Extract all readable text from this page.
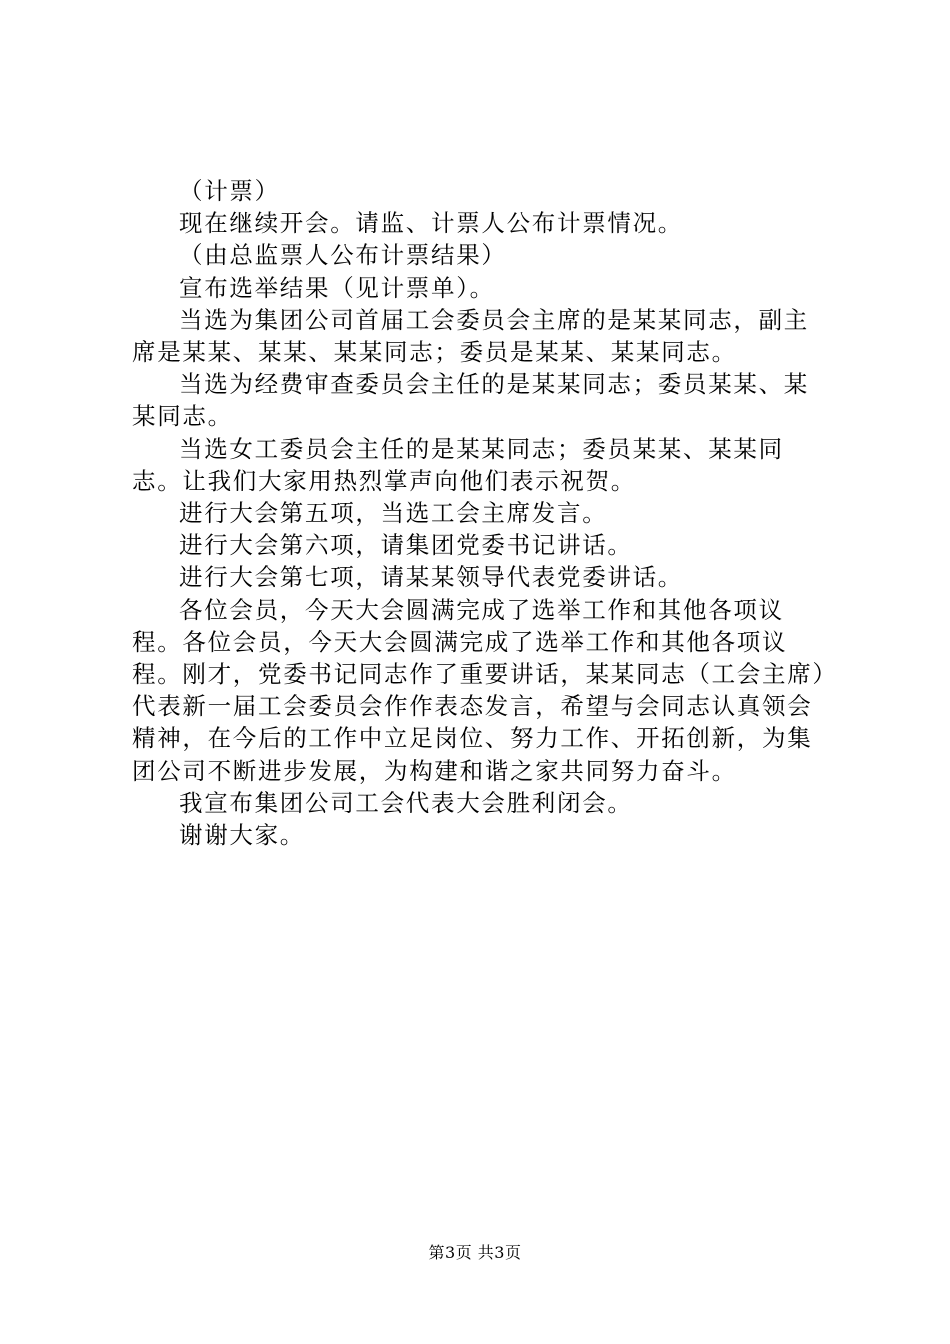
（计票）

现在继续开会。请监、计票人公布计票情况。

（由总监票人公布计票结果）

宣布选举结果（见计票单）。

当选为集团公司首届工会委员会主席的是某某同志，副主席是某某、某某、某某同志；委员是某某、某某同志。

当选为经费审查委员会主任的是某某同志；委员某某、某某同志。

当选女工委员会主任的是某某同志；委员某某、某某同志。让我们大家用热烈掌声向他们表示祝贺。

进行大会第五项，当选工会主席发言。

进行大会第六项，请集团党委书记讲话。

进行大会第七项，请某某领导代表党委讲话。

各位会员，今天大会圆满完成了选举工作和其他各项议程。各位会员，今天大会圆满完成了选举工作和其他各项议程。刚才，党委书记同志作了重要讲话，某某同志（工会主席）代表新一届工会委员会作作表态发言，希望与会同志认真领会精神，在今后的工作中立足岗位、努力工作、开拓创新，为集团公司不断进步发展，为构建和谐之家共同努力奋斗。

我宣布集团公司工会代表大会胜利闭会。

谢谢大家。

第3页 共3页
